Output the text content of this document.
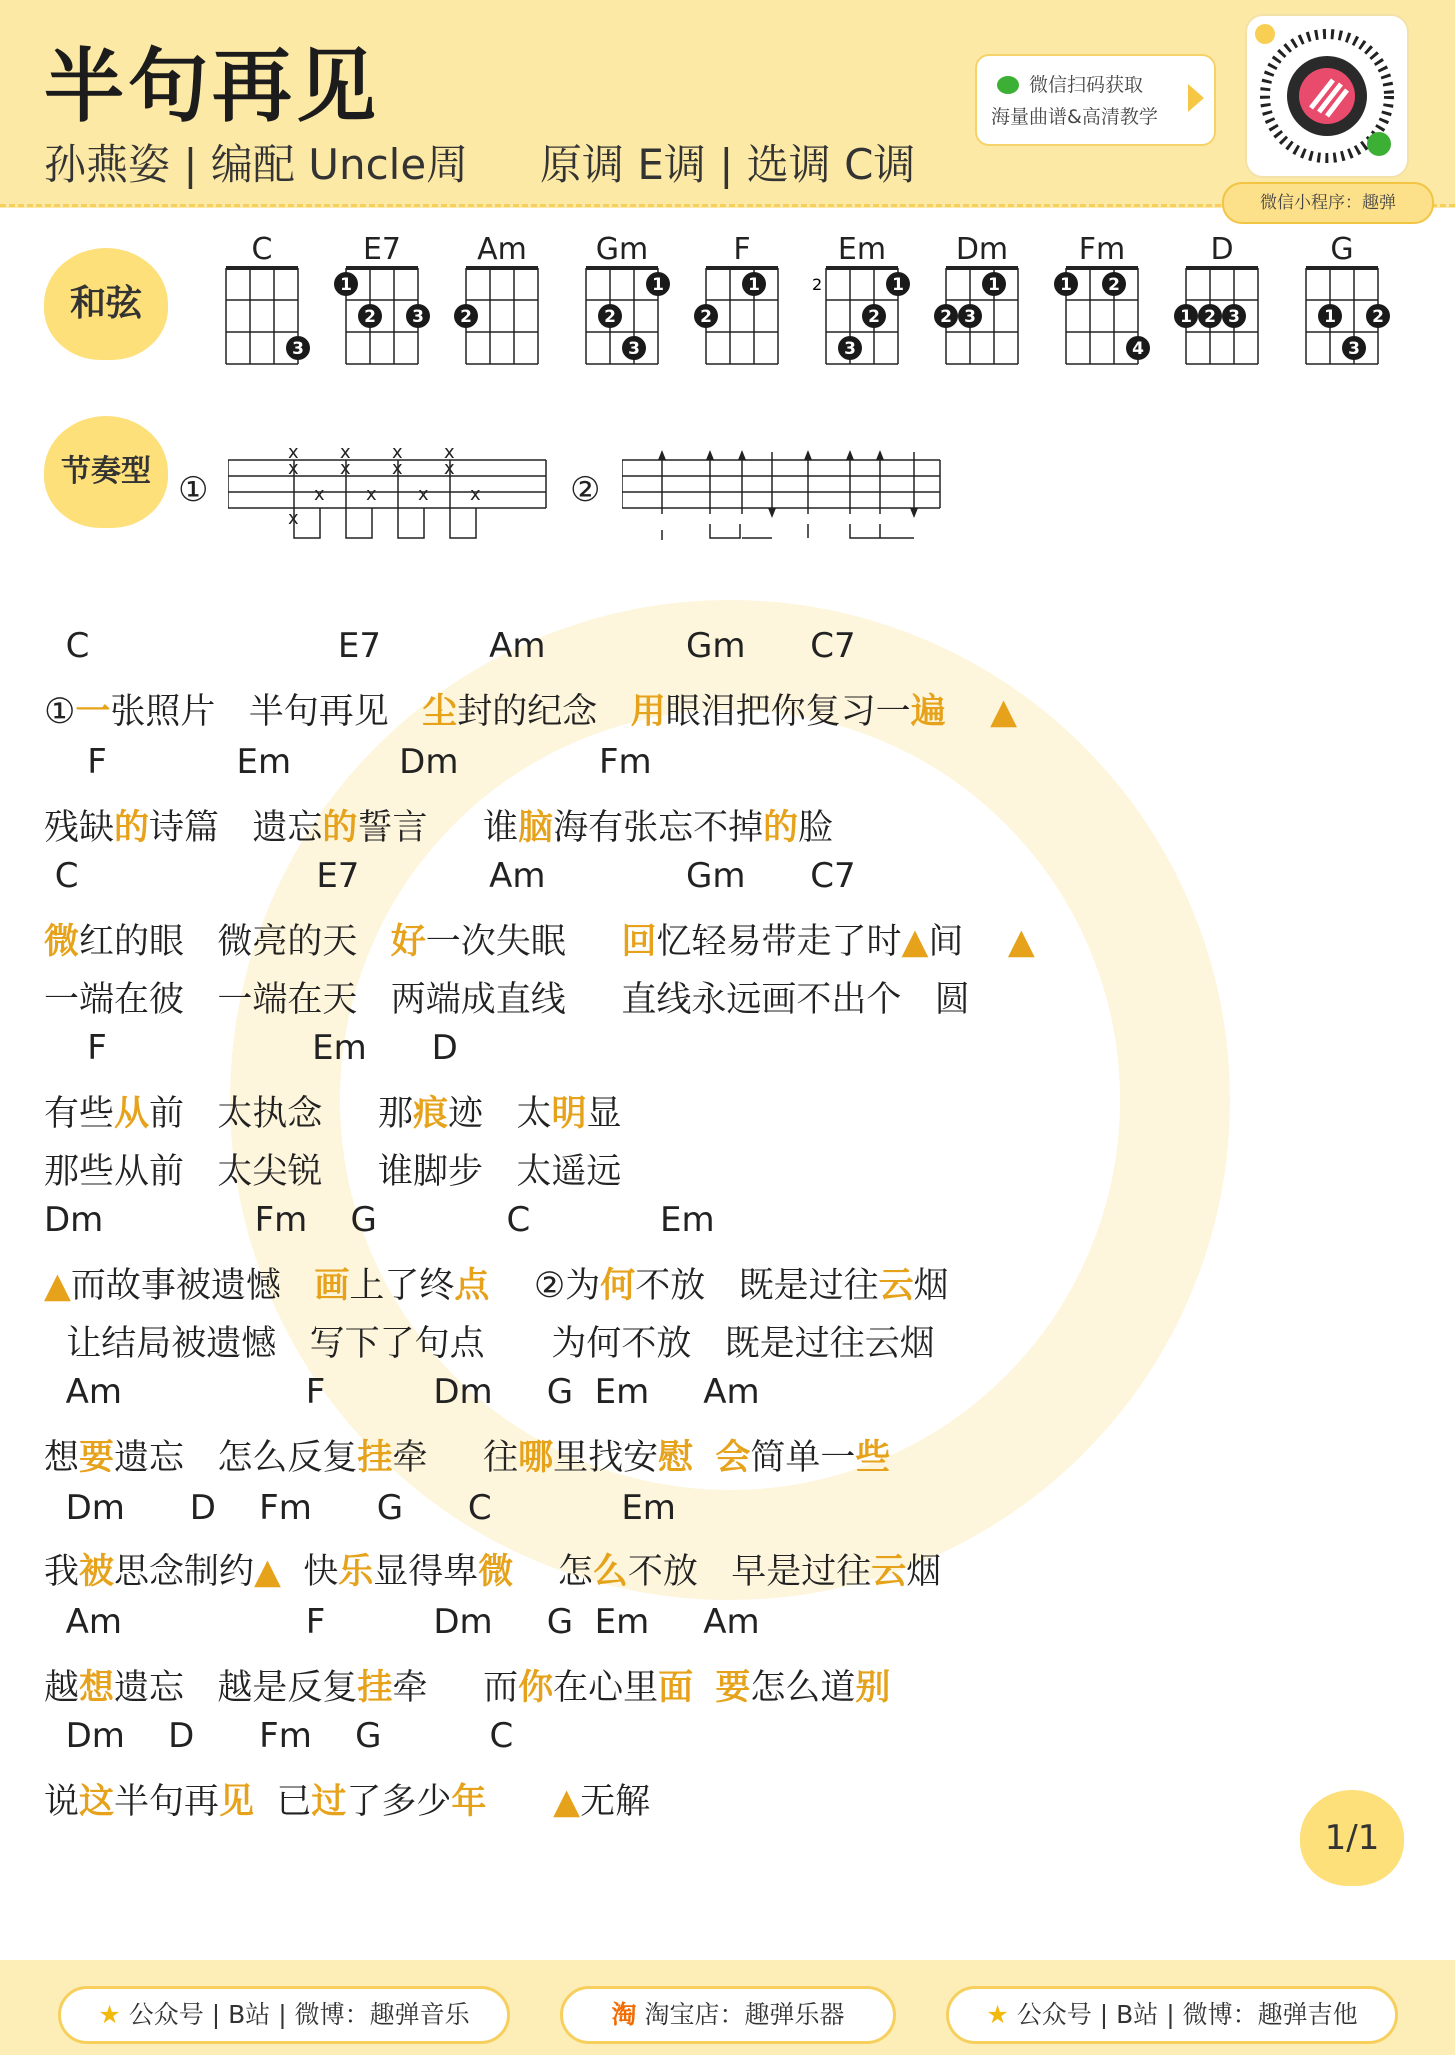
半句再见
孙燕姿 | 编配 Uncle周 原调 E调 | 选调 C调
微信扫码获取
海量曲谱&高清教学
微信小程序：趣弹
和弦
节奏型
C
3
E7
1
2 3
Am
2
Gm
1
2
3
F
1
2
Em
2	1
2
3
Dm
1
2 3
Fm
1 2
4
D
1 2 3
G
1 2
3
①
x x x x
x x x x
x x x x
x
②
C                       E7          Am             Gm      C7
①一张照片   半句再见   尘封的纪念   用眼泪把你复习一遍 ▲
F            Em          Dm             Fm
残缺的诗篇   遗忘的誓言     谁脑海有张忘不掉的脸
C                      E7            Am             Gm      C7
微红的眼   微亮的天   好一次失眠     回忆轻易带走了时▲间    ▲
一端在彼   一端在天   两端成直线     直线永远画不出个   圆
F                   Em      D
有些从前   太执念     那痕迹   太明显
那些从前   太尖锐     谁脚步   太遥远
Dm              Fm    G            C            Em
▲而故事被遗憾   画上了终点    ②为何不放   既是过往云烟
让结局被遗憾   写下了句点      为何不放   既是过往云烟
Am                 F          Dm     G  Em     Am
想要遗忘   怎么反复挂牵     往哪里找安慰 会简单一些
Dm      D    Fm      G      C            Em
我被思念制约▲  快乐显得卑微    怎么不放   早是过往云烟
Am                 F          Dm     G  Em     Am
越想遗忘   越是反复挂牵     而你在心里面 要怎么道别
Dm    D      Fm    G          C
说这半句再见  已过了多少年 ▲无解
1/1
★ 公众号 | B站 | 微博：趣弹音乐	淘 淘宝店：趣弹乐器	★ 公众号 | B站 | 微博：趣弹吉他
